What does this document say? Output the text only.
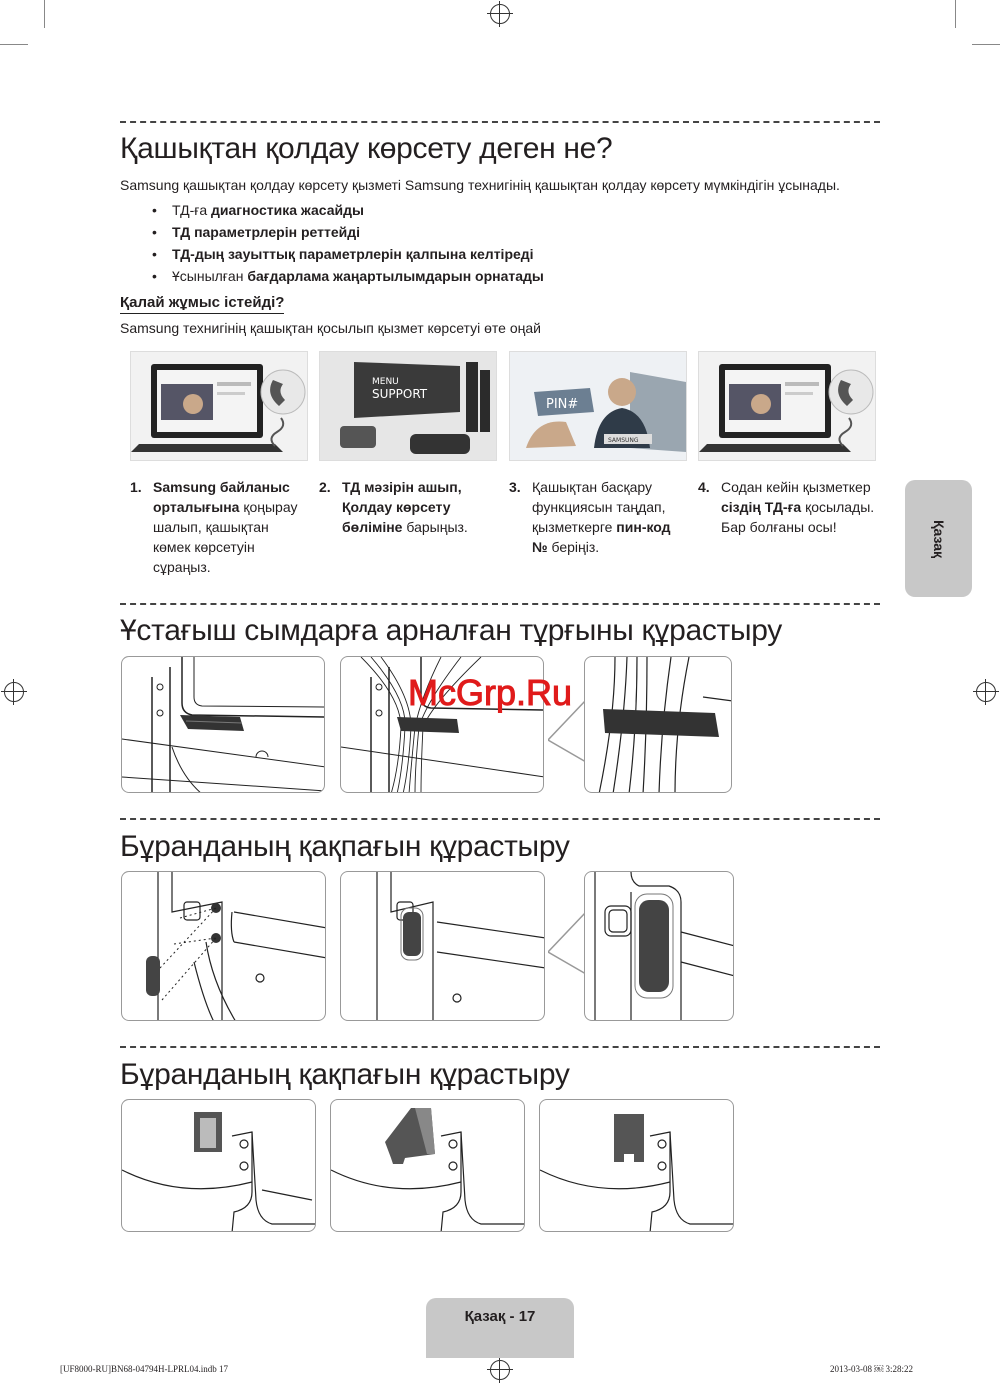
Қашықтан қолдау көрсету деген не?
Samsung қашықтан қолдау көрсету қызметі Samsung технигінің қашықтан қолдау көрсету мүмкіндігін ұсынады.
• ТД-ға диагностика жасайды
• ТД параметрлерін реттейді
• ТД-дың зауыттық параметрлерін қалпына келтіреді
• Ұсынылған бағдарлама жаңартылымдарын орнатады
Қалай жұмыс істейді?
Samsung технигінің қашықтан қосылып қызмет көрсетуі өте оңай
MENU
SUPPORT
PIN#
SAMSUNG
1. Samsung байланыс орталығына қоңырау шалып, қашықтан көмек көрсетуін сұраңыз.
2. ТД мәзірін ашып, Қолдау көрсету бөліміне барыңыз.
3. Қашықтан басқару функциясын таңдап, қызметкерге пин-код № беріңіз.
4. Содан кейін қызметкер сіздің ТД-ға қосылады. Бар болғаны осы!	Қазақ
Ұстағыш сымдарға арналған тұрғыны құрастыру
McGrp.Ru
Бұранданың қақпағын құрастыру
Бұранданың қақпағын құрастыру
Қазақ - 17
[UF8000-RU]BN68-04794H-LPRL04.indb 17	2013-03-08 ￼ 3:28:22
